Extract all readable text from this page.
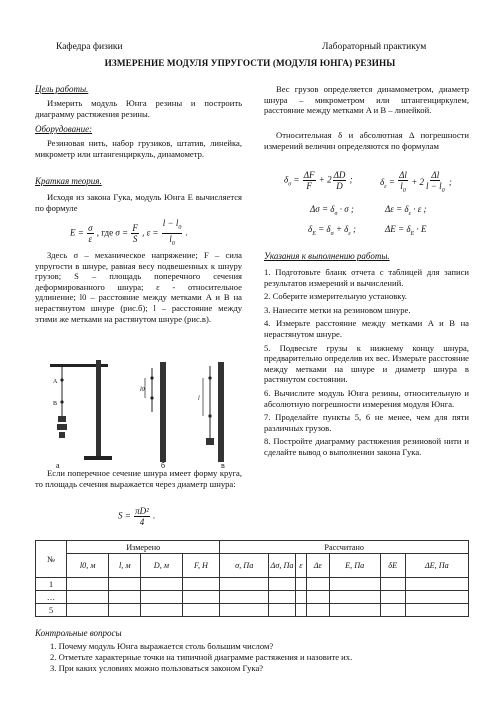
Кафедра физики	Лабораторный практикум
ИЗМЕРЕНИЕ МОДУЛЯ УПРУГОСТИ (МОДУЛЯ ЮНГА) РЕЗИНЫ
Цель работы.
Измерить модуль Юнга резины и построить диаграмму растяжения резины.
Оборудование:
Резиновая нить, набор грузиков, штатив, линейка, микрометр или штангенциркуль, динамометр.
Краткая теория.
Исходя из закона Гука, модуль Юнга E вычисляется по формуле
$E = \frac{\sigma}{\varepsilon}$ , где $\sigma = \frac{F}{S}$ , $\varepsilon = \frac{l - l_0}{l_0}$ .
Здесь σ – механическое напряжение; F – сила упругости в шнуре, равная весу подвешенных к шнуру грузов; S – площадь поперечного сечения деформированного шнура; ε - относительное удлинение; l0 – расстояние между метками A и B на нерастянутом шнуре (рис.б); l – расстояние между этими же метками на растянутом шнуре (рис.в).
A
B
l0
l
а	б	в
Если поперечное сечение шнура имеет форму круга, то площадь сечения выражается через диаметр шнура:
$S = \frac{\text{πD²}}{4}$ .
Вес грузов определяется динамометром, диаметр шнура – микрометром или штангенциркулем, расстояние между метками A и B – линейкой.
Относительная δ и абсолютная Δ погрешности измерений величин определяются по формулам
$\delta_\sigma = \frac{\Delta F}{F} + 2 \frac{\Delta D}{D}$ ;	$\delta_\varepsilon = \frac{\Delta l}{l_0} + 2 \frac{\Delta l}{l - l_0}$ ;
$\Delta\sigma = \delta_\sigma \cdot \sigma$ ;	$\Delta\varepsilon = \delta_\varepsilon \cdot \varepsilon$ ;
$\delta_E = \delta_\sigma + \delta_\varepsilon$ ;	$\Delta E = \delta_E \cdot E$
Указания к выполнению работы.
1. Подготовьте бланк отчета с таблицей для записи результатов измерений и вычислений.
2. Соберите измерительную установку.
3. Нанесите метки на резиновом шнуре.
4. Измерьте расстояние между метками A и B на нерастянутом шнуре.
5. Подвесьте грузы к нижнему концу шнура, предварительно определив их вес. Измерьте расстояние между метками на шнуре и диаметр шнура в растянутом состоянии.
6. Вычислите модуль Юнга резины, относительную и абсолютную погрешности измерения модуля Юнга.
7. Проделайте пункты 5, 6 не менее, чем для пяти различных грузов.
8. Постройте диаграмму растяжения резиновой нити и сделайте вывод о выполнении закона Гука.
№	Измерено				Рассчитано						
	l0, м	l, м	D, м	F, Н	σ, Па	Δσ, Па	ε	Δε	E, Па	δE	ΔE, Па
1											
…											
5											
Контрольные вопросы
1. Почему модуль Юнга выражается столь большим числом?
2. Отметьте характерные точки на типичной диаграмме растяжения и назовите их.
3. При каких условиях можно пользоваться законом Гука?
